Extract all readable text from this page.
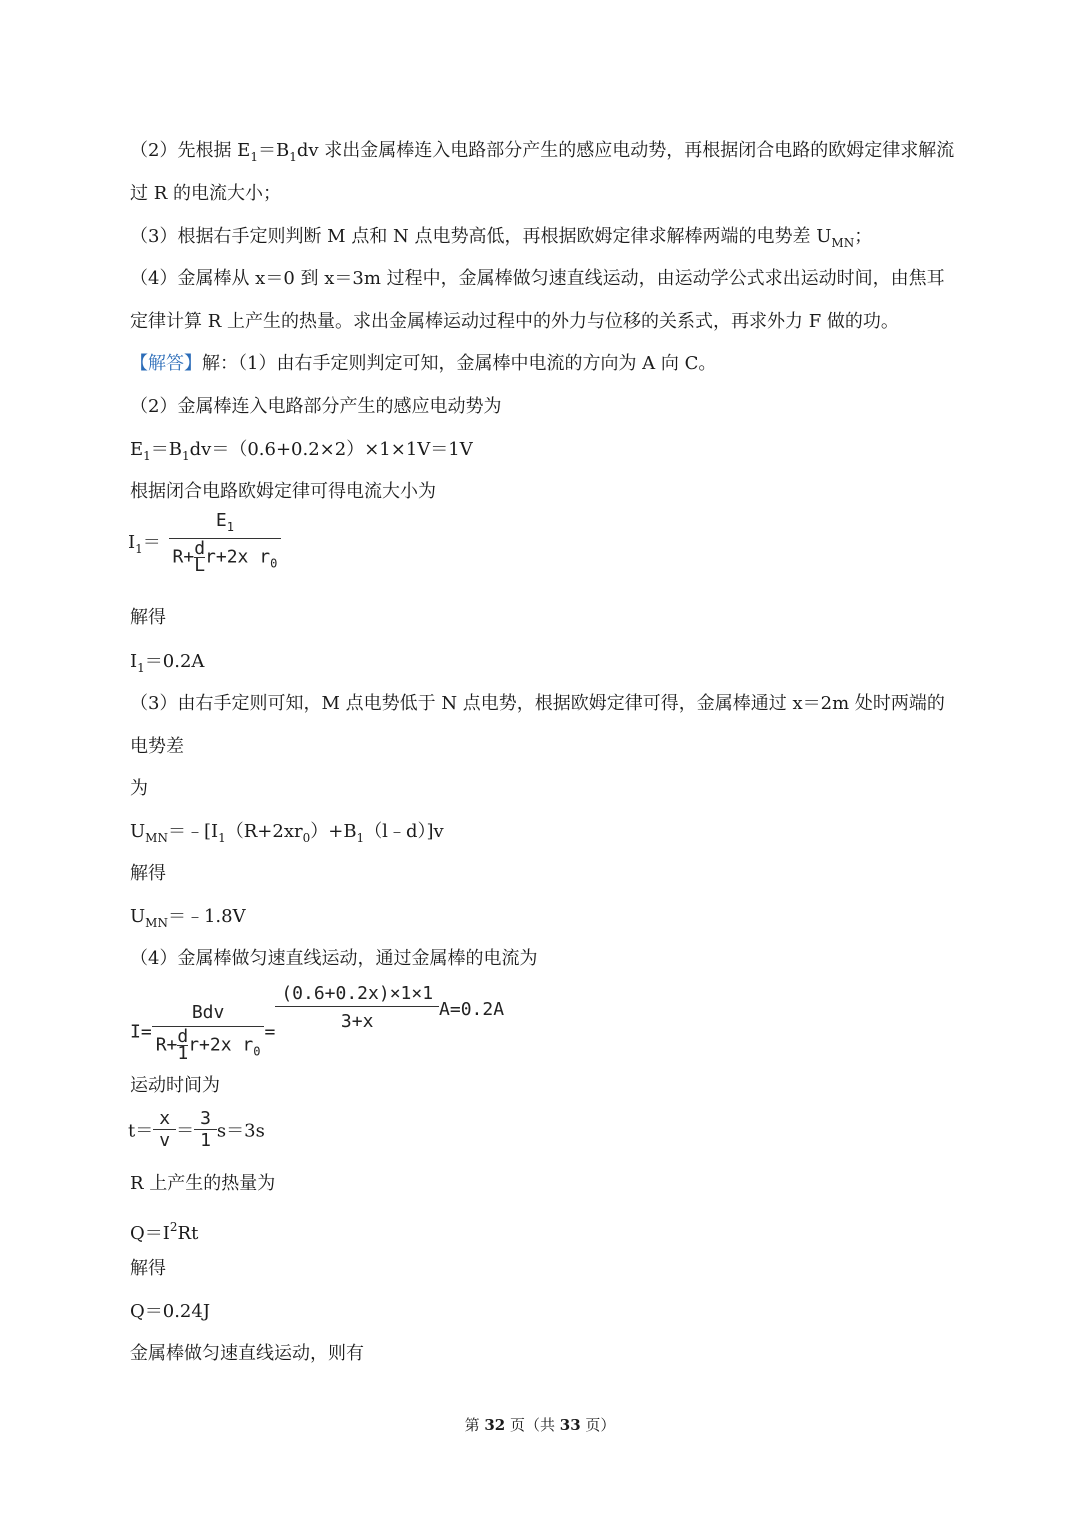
（2）先根据 $E_1=B_1dv$ 求出金属棒连入电路部分产生的感应电动势，再根据闭合电路的欧姆定律求解流
过 R 的电流大小；
（3）根据右手定则判断 M 点和 N 点电势高低，再根据欧姆定律求解棒两端的电势差 $U_{MN}$；
（4）金属棒从 x＝0 到 x＝3m 过程中，金属棒做匀速直线运动，由运动学公式求出运动时间，由焦耳
定律计算 R 上产生的热量。求出金属棒运动过程中的外力与位移的关系式，再求外力 F 做的功。
【解答】解：（1）由右手定则判定可知，金属棒中电流的方向为 A 向 C。
（2）金属棒连入电路部分产生的感应电动势为
$E_1=B_1dv=(0.6+0.2\times 2)\times 1\times 1V=1V$
根据闭合电路欧姆定律可得电流大小为
$I_1= \frac{E_1}{R+ \frac{d}{L} r+2x r_0}$
解得
$I_1=0.2A$
（3）由右手定则可知，M 点电势低于 N 点电势，根据欧姆定律可得，金属棒通过 x＝2m 处时两端的
电势差
为
$U_{MN}=﹣[I_1(R+2xr_0)+B_1(l﹣d)]v$
解得
$U_{MN}=﹣1.8V$
（4）金属棒做匀速直线运动，通过金属棒的电流为
$I= \frac{\text{Bdv}}{R+ \frac{d}{1} r+2x r_0} = \frac{(0.6+0.2x)\times 1\times 1}{3+x} A=0.2A$
运动时间为
$t= \frac{x}{v} = \frac{3}{1} s=3s$
R 上产生的热量为
$Q=I^2Rt$
解得
Q＝0.24J
金属棒做匀速直线运动，则有
第 32 页（共 33 页）
